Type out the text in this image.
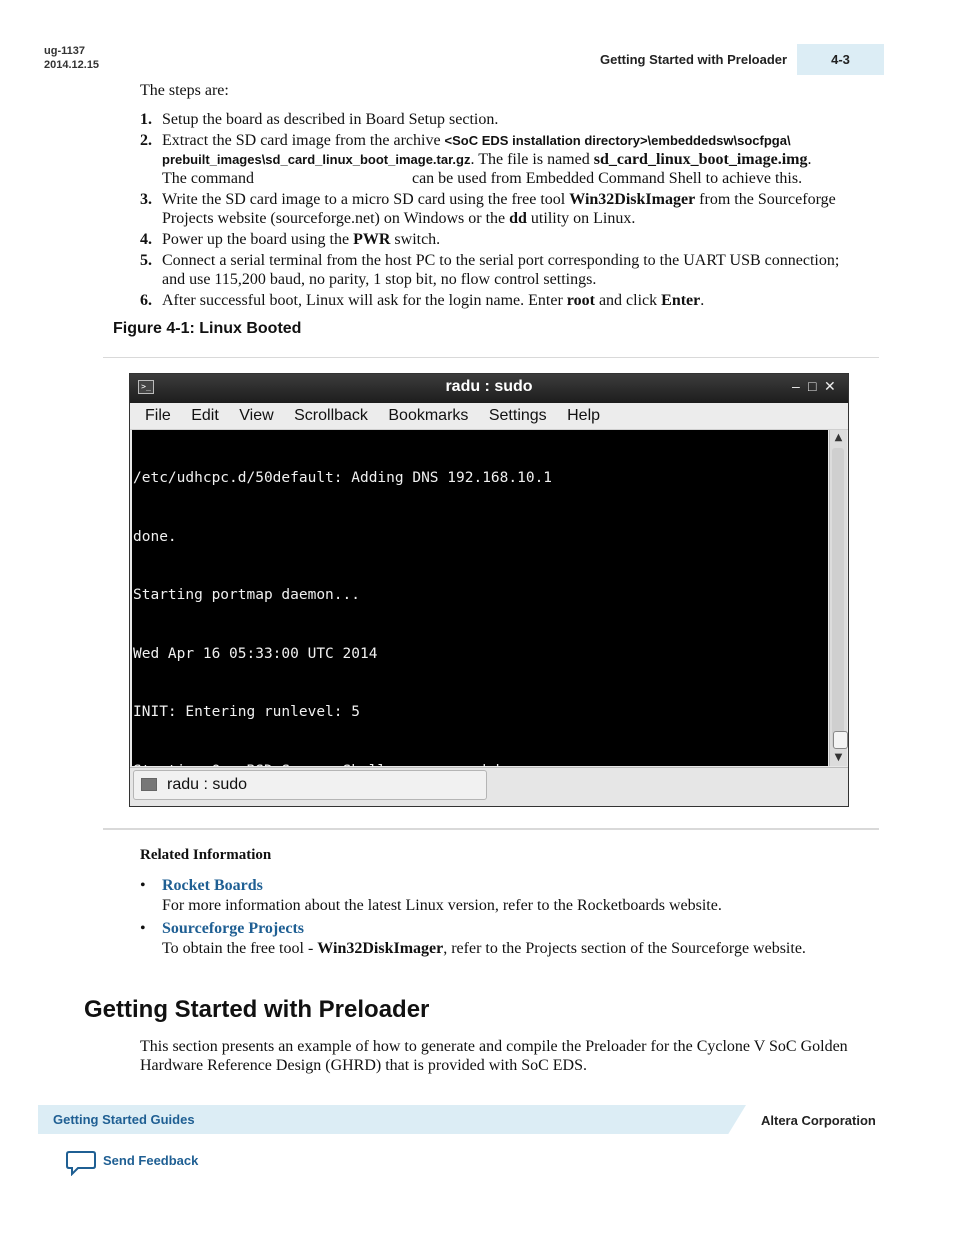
ug-1137
2014.12.15	Getting Started with Preloader	4-3
The steps are:
1. Setup the board as described in Board Setup section.
2. Extract the SD card image from the archive <SoC EDS installation directory>\embeddedsw\socfpga\ prebuilt_images\sd_card_linux_boot_image.tar.gz. The file is named sd_card_linux_boot_image.img.
The command	can be used from Embedded Command Shell to achieve this.
3. Write the SD card image to a micro SD card using the free tool Win32DiskImager from the Sourceforge Projects website (sourceforge.net) on Windows or the dd utility on Linux.
4. Power up the board using the PWR switch.
5. Connect a serial terminal from the host PC to the serial port corresponding to the UART USB connection; and use 115,200 baud, no parity, 1 stop bit, no flow control settings.
6. After successful boot, Linux will ask for the login name. Enter root and click Enter.
Figure 4-1: Linux Booted
>_	radu : sudo	–□✕
File Edit View Scrollback Bookmarks Settings Help

/etc/udhcpc.d/50default: Adding DNS 192.168.10.1

done.

Starting portmap daemon...

Wed Apr 16 05:33:00 UTC 2014

INIT: Entering runlevel: 5

▲
▼
radu : sudo
Related Information
• Rocket Boards
For more information about the latest Linux version, refer to the Rocketboards website.
• Sourceforge Projects
To obtain the free tool - Win32DiskImager, refer to the Projects section of the Sourceforge website.
Getting Started with Preloader
This section presents an example of how to generate and compile the Preloader for the Cyclone V SoC Golden Hardware Reference Design (GHRD) that is provided with SoC EDS.
Getting Started Guides	Altera Corporation
Send Feedback
